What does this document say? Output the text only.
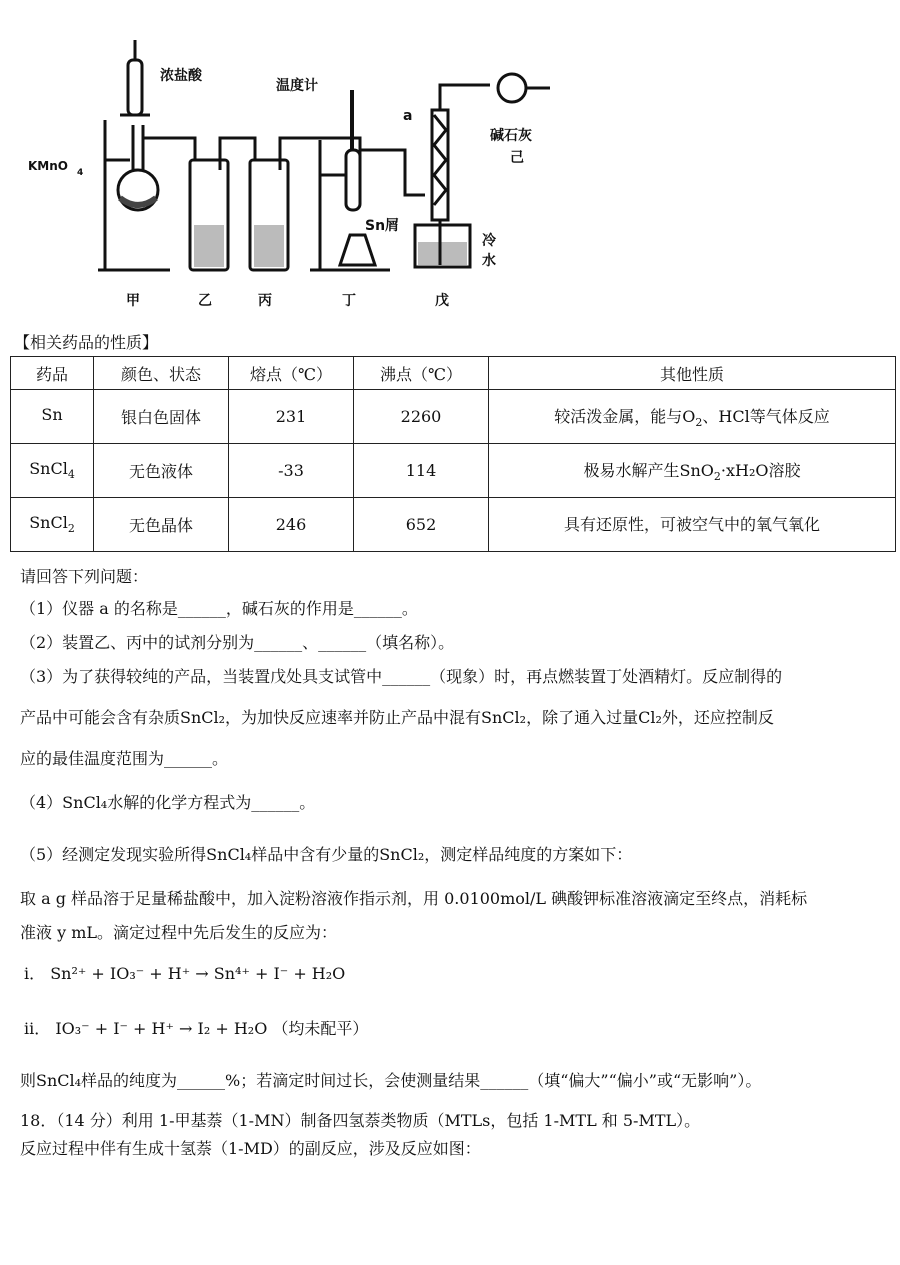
浓盐酸
KMnO 4
温度计
a
碱石灰
己
Sn屑
冷
水
甲	乙	丙	丁	戊
【相关药品的性质】
药品	颜色、状态	熔点（℃）	沸点（℃）	其他性质
Sn	银白色固体	231	2260	较活泼金属，能与$O_2$、HCl等气体反应
SnCl$_4$	无色液体	-33	114	极易水解产生SnO$_2$·xH₂O溶胶
SnCl$_2$	无色晶体	246	652	具有还原性，可被空气中的氧气氧化
请回答下列问题：
（1）仪器 a 的名称是______，碱石灰的作用是______。
（2）装置乙、丙中的试剂分别为______、______（填名称）。
（3）为了获得较纯的产品，当装置戊处具支试管中______（现象）时，再点燃装置丁处酒精灯。反应制得的
产品中可能会含有杂质SnCl₂，为加快反应速率并防止产品中混有SnCl₂，除了通入过量Cl₂外，还应控制反
应的最佳温度范围为______。
（4）SnCl₄水解的化学方程式为______。
（5）经测定发现实验所得SnCl₄样品中含有少量的SnCl₂，测定样品纯度的方案如下：
取 a g 样品溶于足量稀盐酸中，加入淀粉溶液作指示剂，用 0.0100mol/L 碘酸钾标准溶液滴定至终点，消耗标
准液 y mL。滴定过程中先后发生的反应为：
i． Sn²⁺ + IO₃⁻ + H⁺ → Sn⁴⁺ + I⁻ + H₂O
ii． IO₃⁻ + I⁻ + H⁺ → I₂ + H₂O （均未配平）
则SnCl₄样品的纯度为______%；若滴定时间过长，会使测量结果______（填“偏大”“偏小”或“无影响”）。
18．（14 分）利用 1-甲基萘（1-MN）制备四氢萘类物质（MTLs，包括 1-MTL 和 5-MTL）。
反应过程中伴有生成十氢萘（1-MD）的副反应，涉及反应如图：
